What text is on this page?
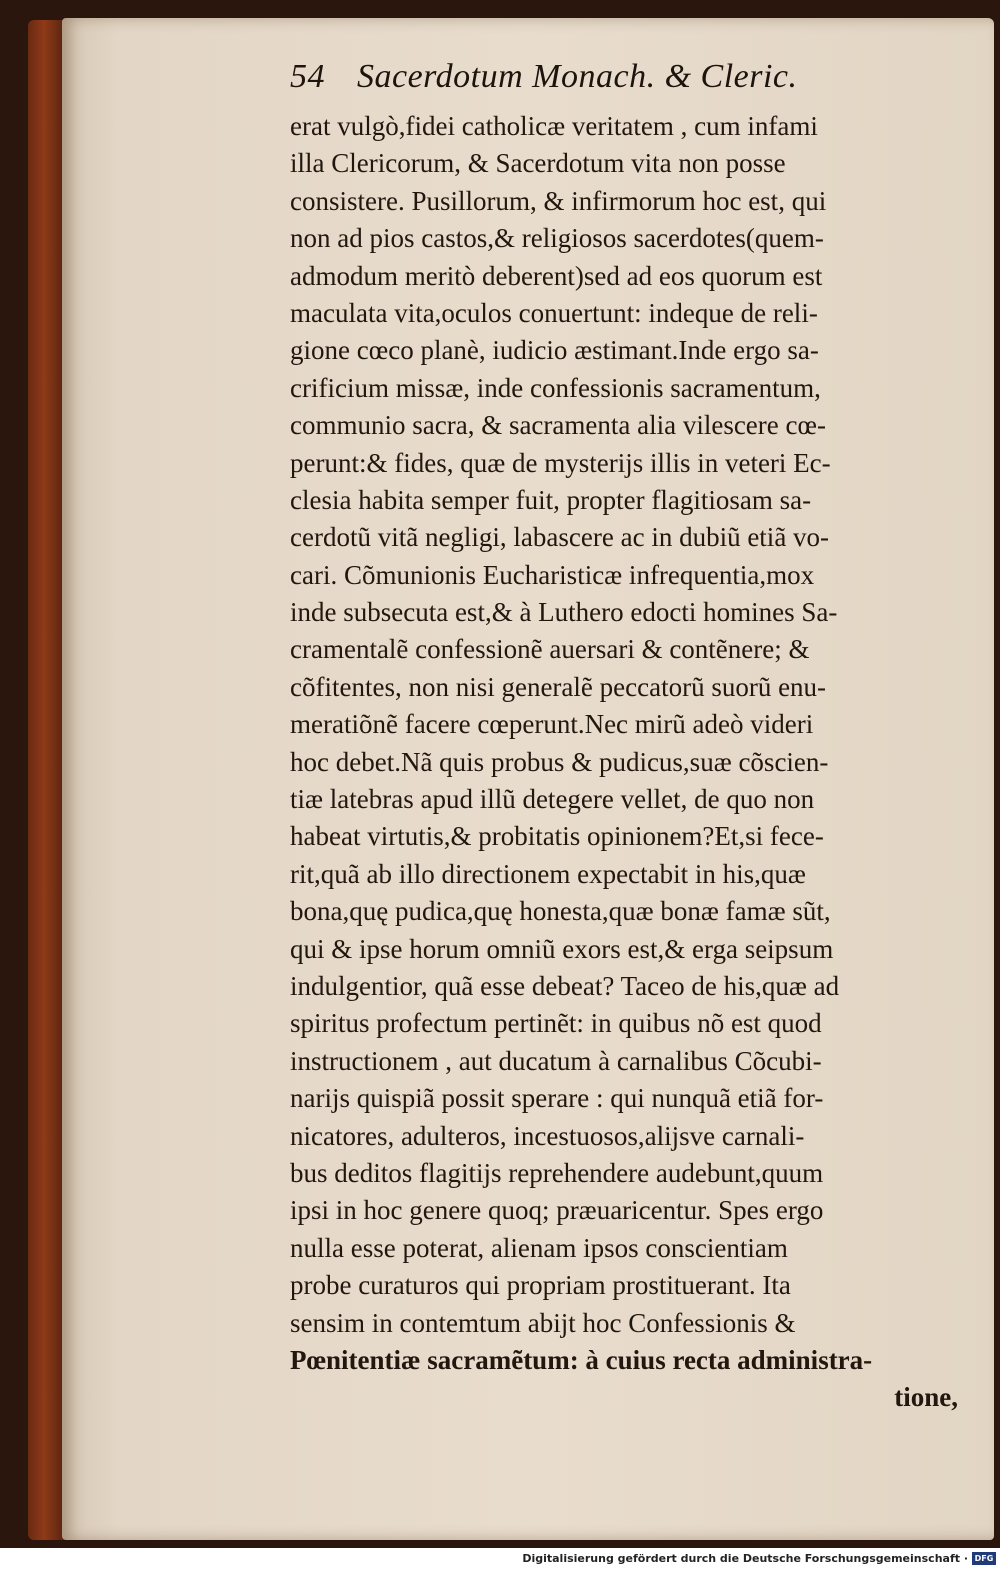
54 Sacerdotum Monach. & Cleric.
erat vulgò,fidei catholicæ veritatem , cum infami
illa Clericorum, & Sacerdotum vita non posse
consistere. Pusillorum, & infirmorum hoc est, qui
non ad pios castos,& religiosos sacerdotes(quem-
admodum meritò deberent)sed ad eos quorum est
maculata vita,oculos conuertunt: indeque de reli-
gione cœco planè, iudicio æstimant.Inde ergo sa-
crificium missæ, inde confessionis sacramentum,
communio sacra, & sacramenta alia vilescere cœ-
perunt:& fides, quæ de mysterijs illis in veteri Ec-
clesia habita semper fuit, propter flagitiosam sa-
cerdotũ vitã negligi, labascere ac in dubiũ etiã vo-
cari. Cõmunionis Eucharisticæ infrequentia,mox
inde subsecuta est,& à Luthero edocti homines Sa-
cramentalẽ confessionẽ auersari & contẽnere; &
cõfitentes, non nisi generalẽ peccatorũ suorũ enu-
meratiõnẽ facere cœperunt.Nec mirũ adeò videri
hoc debet.Nã quis probus & pudicus,suæ cõscien-
tiæ latebras apud illũ detegere vellet, de quo non
habeat virtutis,& probitatis opinionem?Et,si fece-
rit,quã ab illo directionem expectabit in his,quæ
bona,quę pudica,quę honesta,quæ bonæ famæ sũt,
qui & ipse horum omniũ exors est,& erga seipsum
indulgentior, quã esse debeat? Taceo de his,quæ ad
spiritus profectum pertinẽt: in quibus nõ est quod
instructionem , aut ducatum à carnalibus Cõcubi-
narijs quispiã possit sperare : qui nunquã etiã for-
nicatores, adulteros, incestuosos,alijsve carnali-
bus deditos flagitijs reprehendere audebunt,quum
ipsi in hoc genere quoq; præuaricentur. Spes ergo
nulla esse poterat, alienam ipsos conscientiam
probe curaturos qui propriam prostituerant. Ita
sensim in contemtum abijt hoc Confessionis &
Pœnitentiæ sacramẽtum: à cuius recta administra-
tione,
Digitalisierung gefördert durch die Deutsche Forschungsgemeinschaft · DFG
